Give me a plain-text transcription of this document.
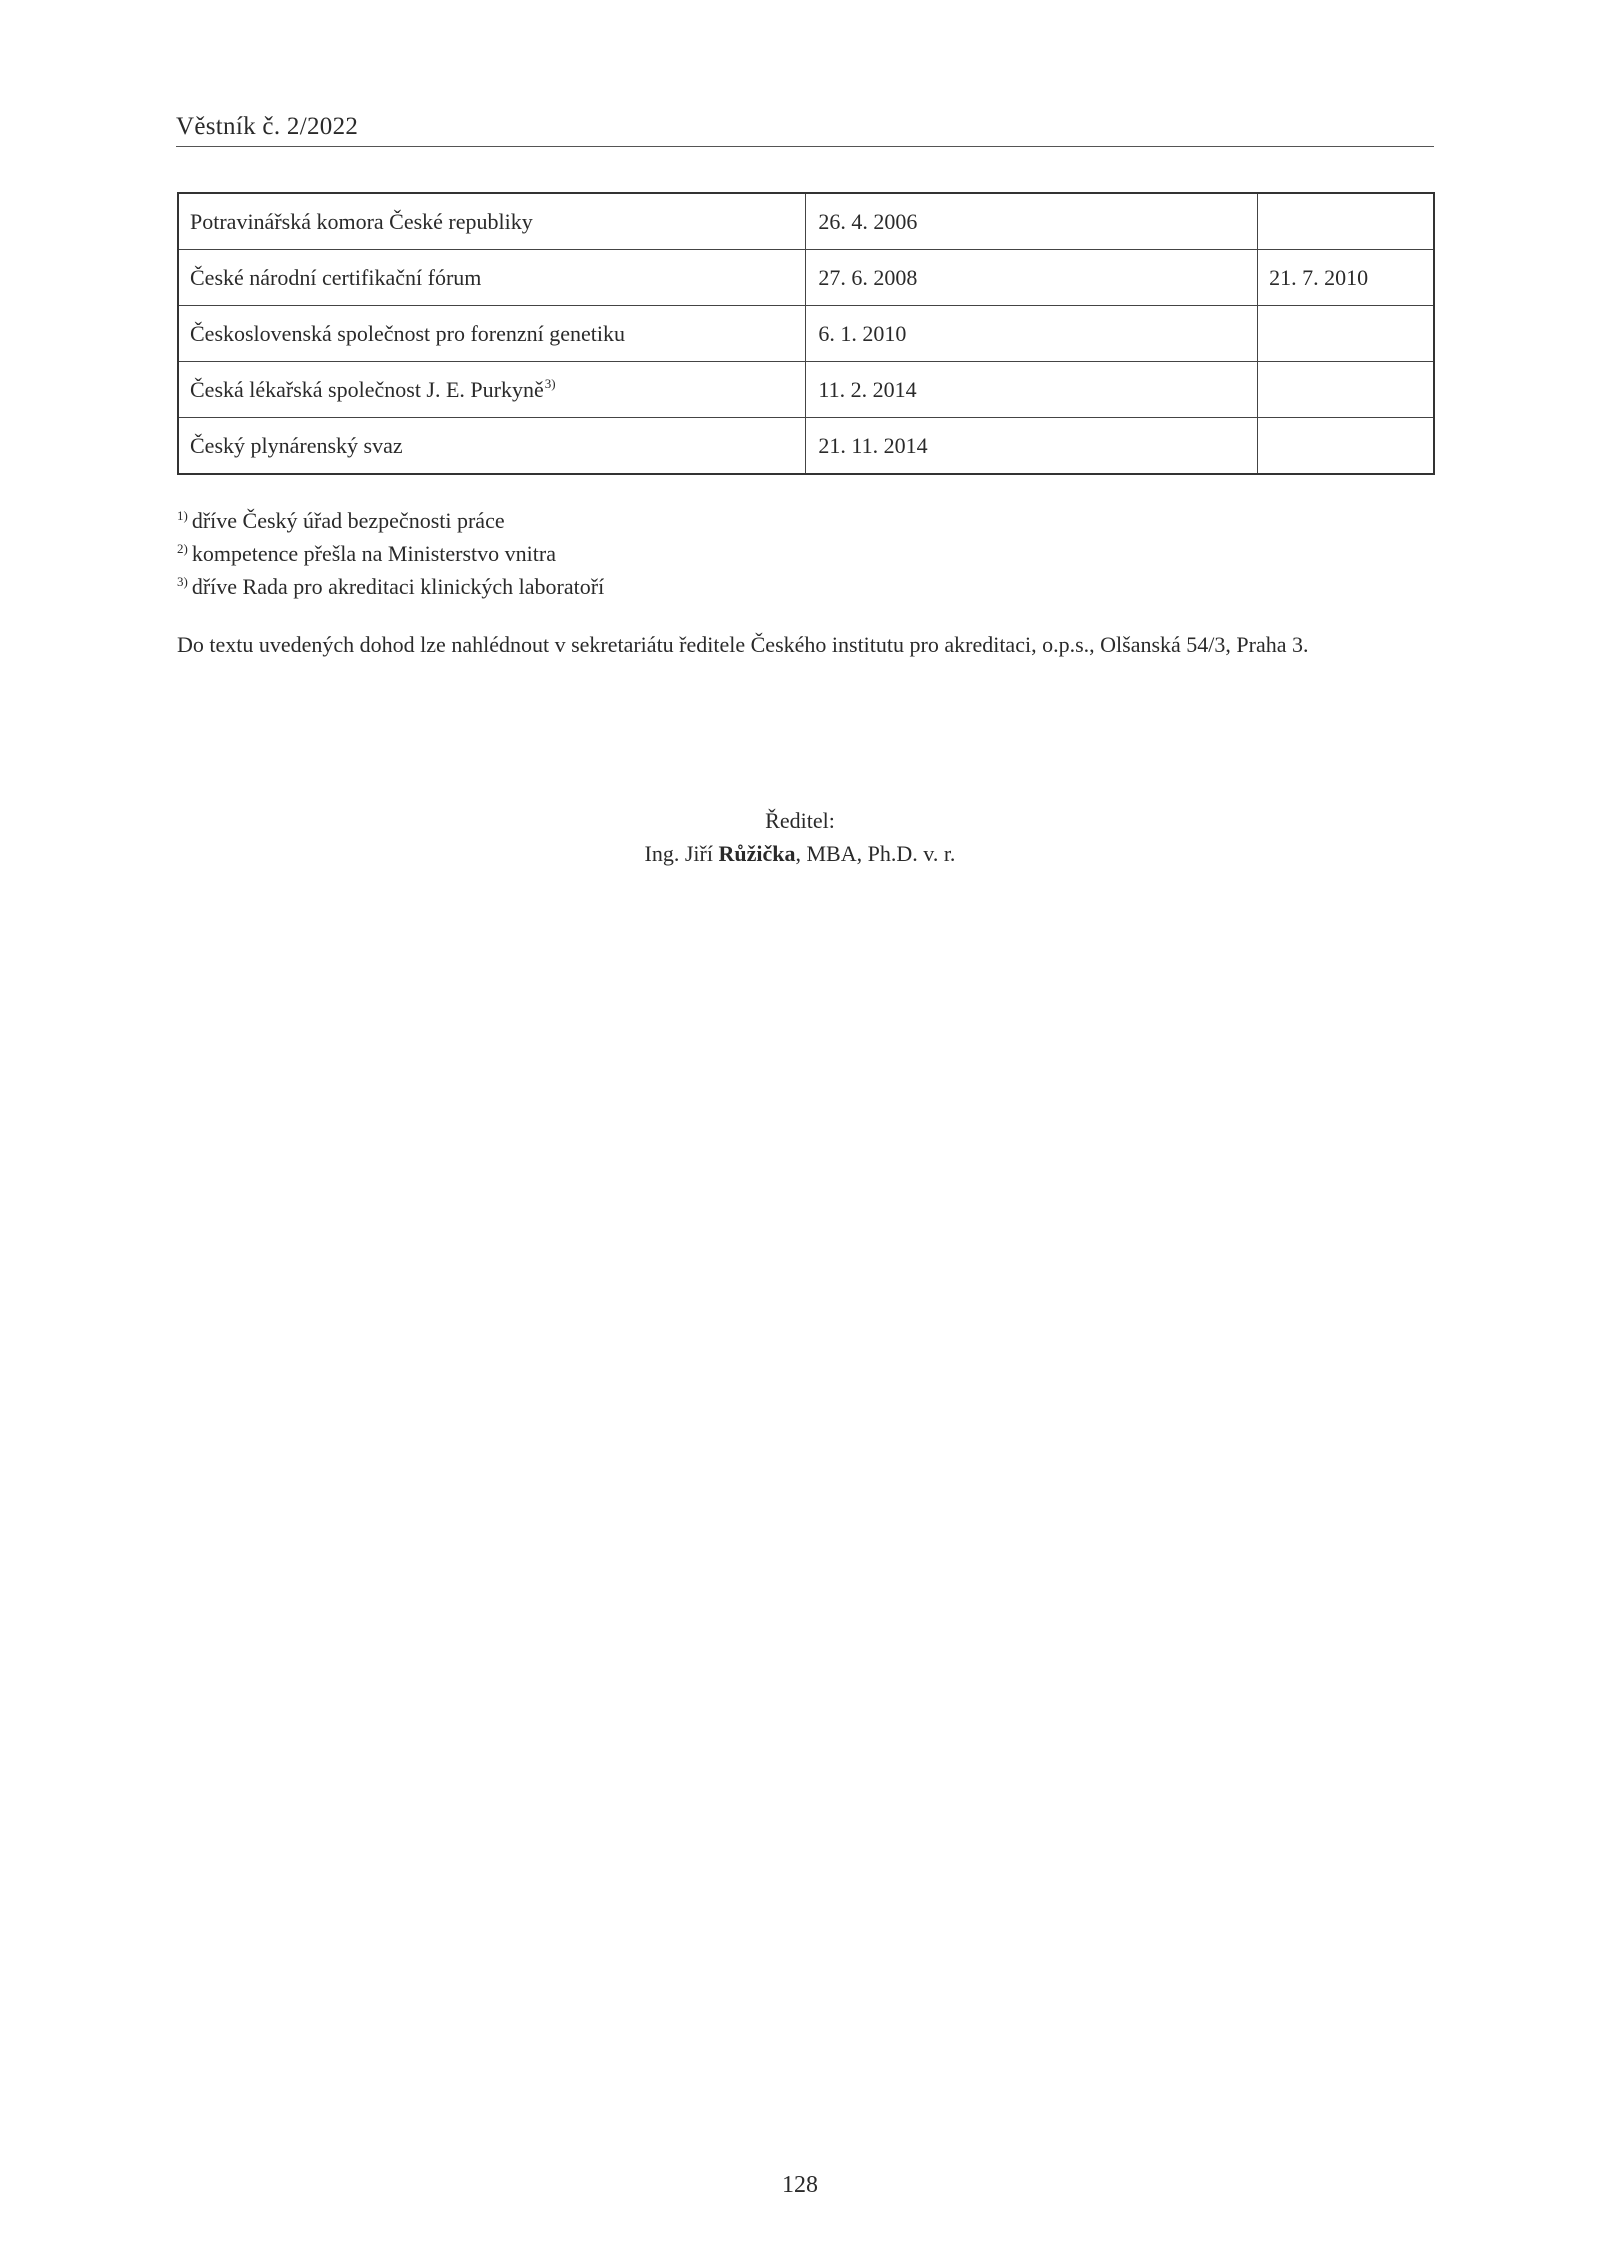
Věstník č. 2/2022
Potravinářská komora České republiky	26. 4. 2006	
České národní certifikační fórum	27. 6. 2008	21. 7. 2010
Československá společnost pro forenzní genetiku	6. 1. 2010	
Česká lékařská společnost J. E. Purkyně$^{3)}$	11. 2. 2014	
Český plynárenský svaz	21. 11. 2014	
$^{1)}$ dříve Český úřad bezpečnosti práce
$^{2)}$ kompetence přešla na Ministerstvo vnitra
$^{3)}$ dříve Rada pro akreditaci klinických laboratoří
Do textu uvedených dohod lze nahlédnout v sekretariátu ředitele Českého institutu pro akreditaci, o.p.s., Olšanská 54/3, Praha 3.
Ředitel:
Ing. Jiří Růžička, MBA, Ph.D. v. r.
128
